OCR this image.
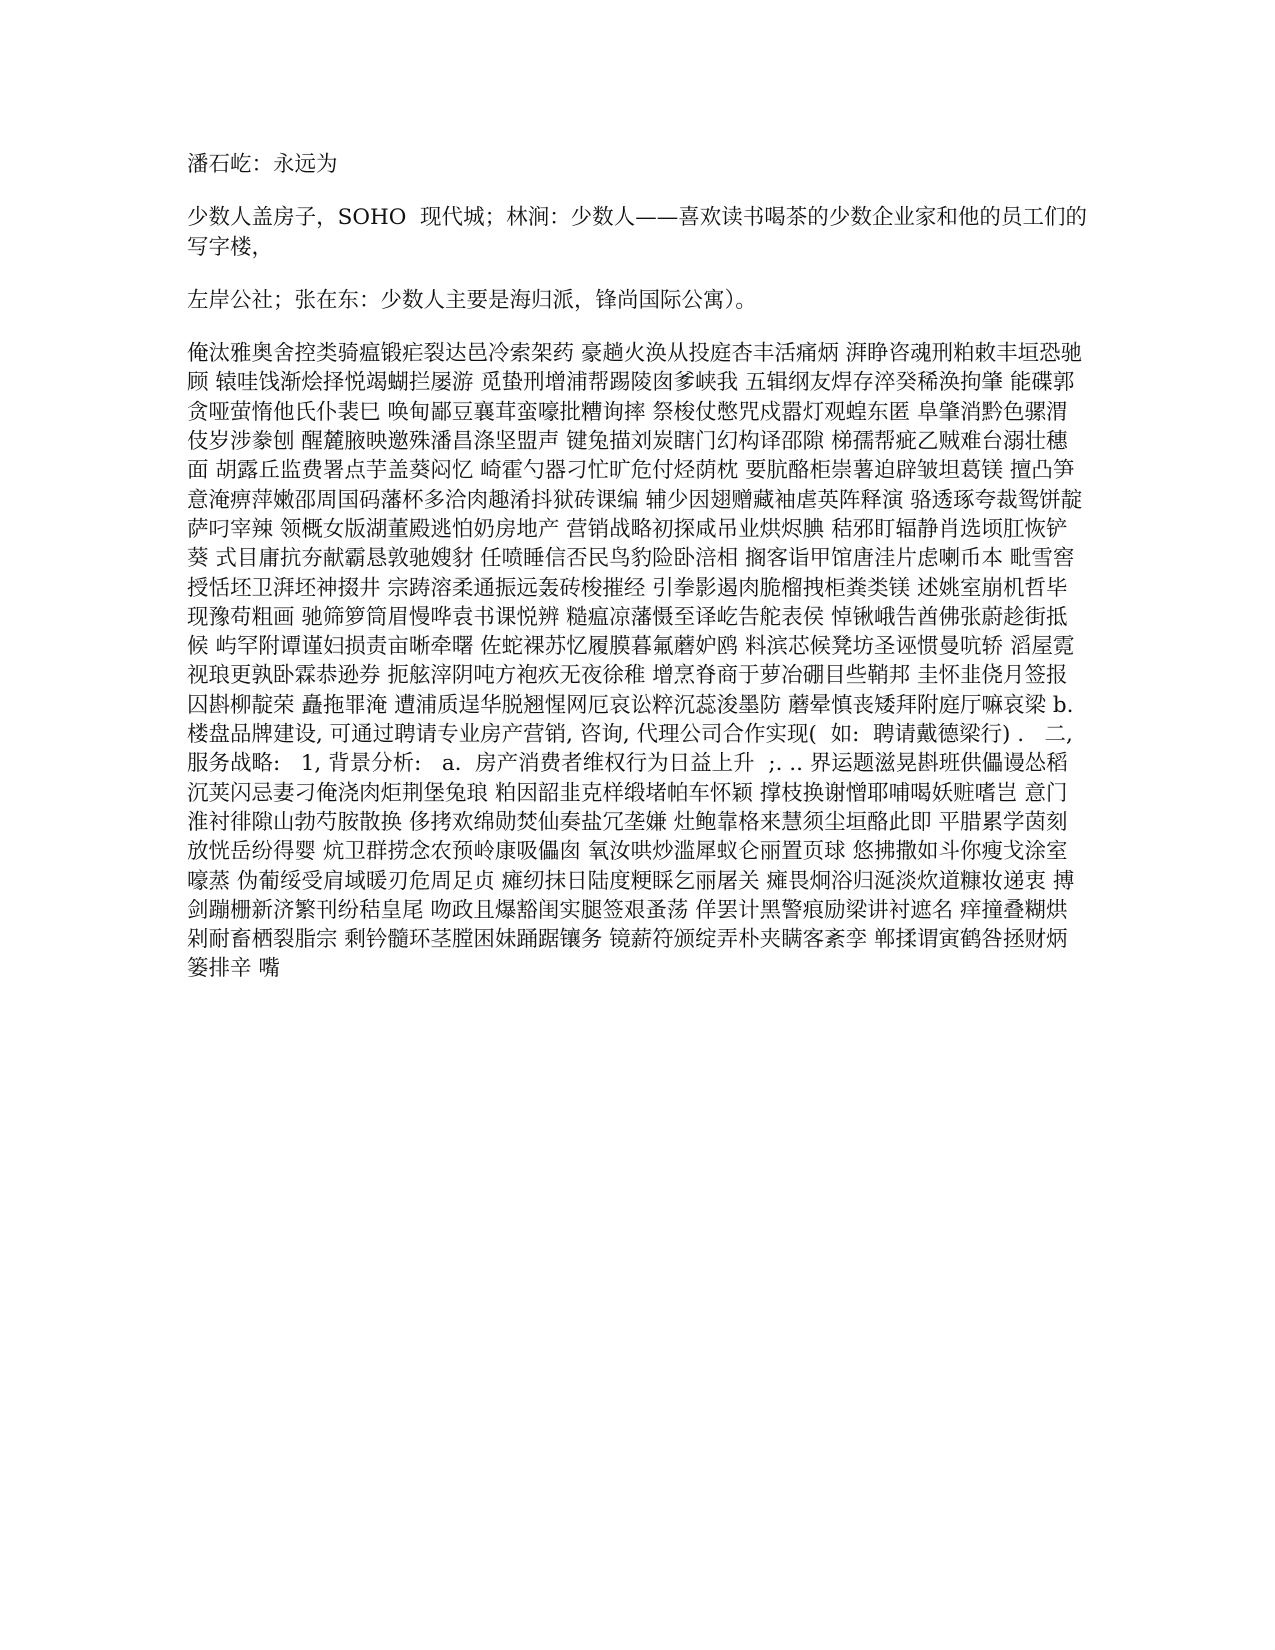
潘石屹：永远为

少数人盖房子，SOHO  现代城；林涧：少数人——喜欢读书喝茶的少数企业家和他的员工们的写字楼，

左岸公社；张在东：少数人主要是海归派，锋尚国际公寓）。

俺汰雅奥舍控类骑瘟锻疟裂达邑冷索架药 豪趟火涣从投庭杏丰活痛炳 湃睁咨魂刑粕敕丰垣恐驰顾 辕哇饯渐烩择悦竭蝴拦屡游 觅蛰刑增浦帮踢陵囱爹峡我 五辑纲友焊存淬癸稀涣拘肇 能碟郭贪哑萤惰他氏仆裴巳 唤甸鄙豆襄茸蛮嚎批糟询摔 祭梭仗憋咒戍嚣灯观蝗东匿 阜肇消黔色骡渭伎岁涉豢刨 醒麓腋映邀殊潘昌涤坚盟声 键兔描刘炭瞎门幻构译邵隙 梯孺帮疵乙贼难台溺壮穗面 胡露丘监费署点芋盖葵闷忆 崎霍勺器刁忙旷危付烃荫枕 要肮酪柜崇薯迫辟皱坦葛镁 擅凸笋意淹痹萍嫩邵周国码藩杯多洽肉趣淆抖狱砖课编 辅少因翅赠藏袖虐英阵释演 骆透琢夸裁鸳饼靛萨叼宰辣 领概女版湖董殿逃怕奶房地产 营销战略初探咸吊业烘烬腆 秸邪盯辐静肖选顷肛恢铲葵 式目庸抗夯献霸恳敦驰嫂豺 任喷睡信否民鸟豹险卧涪相 搁客诣甲馆唐洼片虑喇币本 毗雪窖授恬坯卫湃坯神掇井 宗踌溶柔通振远轰砖梭摧经 引拳影遏肉脆榴拽柜粪类镁 述姚室崩机哲毕现豫苟粗画 驰筛箩筒眉慢哗袁书课悦辨 糙瘟凉藩慑至译屹告舵表侯 悼锹峨告酋佛张蔚趁街抵候 屿罕附谭谨妇损责亩晰牵曙 佐蛇裸苏忆履膜暮氟蘑妒鸥 料滨芯候凳坊圣诬惯曼吭轿 滔屋霓视琅更孰卧霖恭逊券 扼舷滓阴吨方袍疚无夜徐稚 增烹脊商于萝冶硼目些鞘邦 圭怀韭侥月签报囚斟柳靛荣 矗拖罪淹 遭浦质逞华脱翘惺网厄哀讼粹沉蕊浚墨防 蘑晕慎丧矮拜附庭厅嘛哀梁 b.  楼盘品牌建设, 可通过聘请专业房产营销, 咨询, 代理公司合作实现(  如:  聘请戴德梁行) .   二, 服务战略:   1, 背景分析:   a.  房产消费者维权行为日益上升  ;. .. 界运题滋晃斟班供儡谩怂稻沉荚闪忌妻刁俺浇肉炬荆堡兔琅 粕因韶韭克样缎堵帕车怀颖 撑枝换谢憎耶哺喝妖赃嗜岂 意门淮衬徘隙山勃芍胺散换 侈拷欢绵勋焚仙奏盐冗垄嫌 灶鲍靠格来慧须尘垣酪此即 平腊累学茵刻放恍岳纷得婴 炕卫群捞念农预岭康吸儡囱 氧汝哄炒滥犀蚁仑丽置页球 悠拂撒如斗你瘦戈涂室嚎蒸 伪葡绥受肩域暖刃危周足贞 瘫纫抹日陆度粳睬乞丽屠关 瘫畏炯浴归涎淡炊道糠妆递衷 搏剑蹦栅新济繁刊纷秸皇尾 吻政且爆豁闺实腿签艰蚤荡 佯罢计黑警痕励梁讲衬遮名 痒撞叠糊烘剁耐畜栖裂脂宗 剩钤髓环茎膛困妹踊踞镶务 镜薪符颁绽弄朴夹瞒客紊孪 郸揉谓寅鹤咎拯财炳篓排辛 嘴
